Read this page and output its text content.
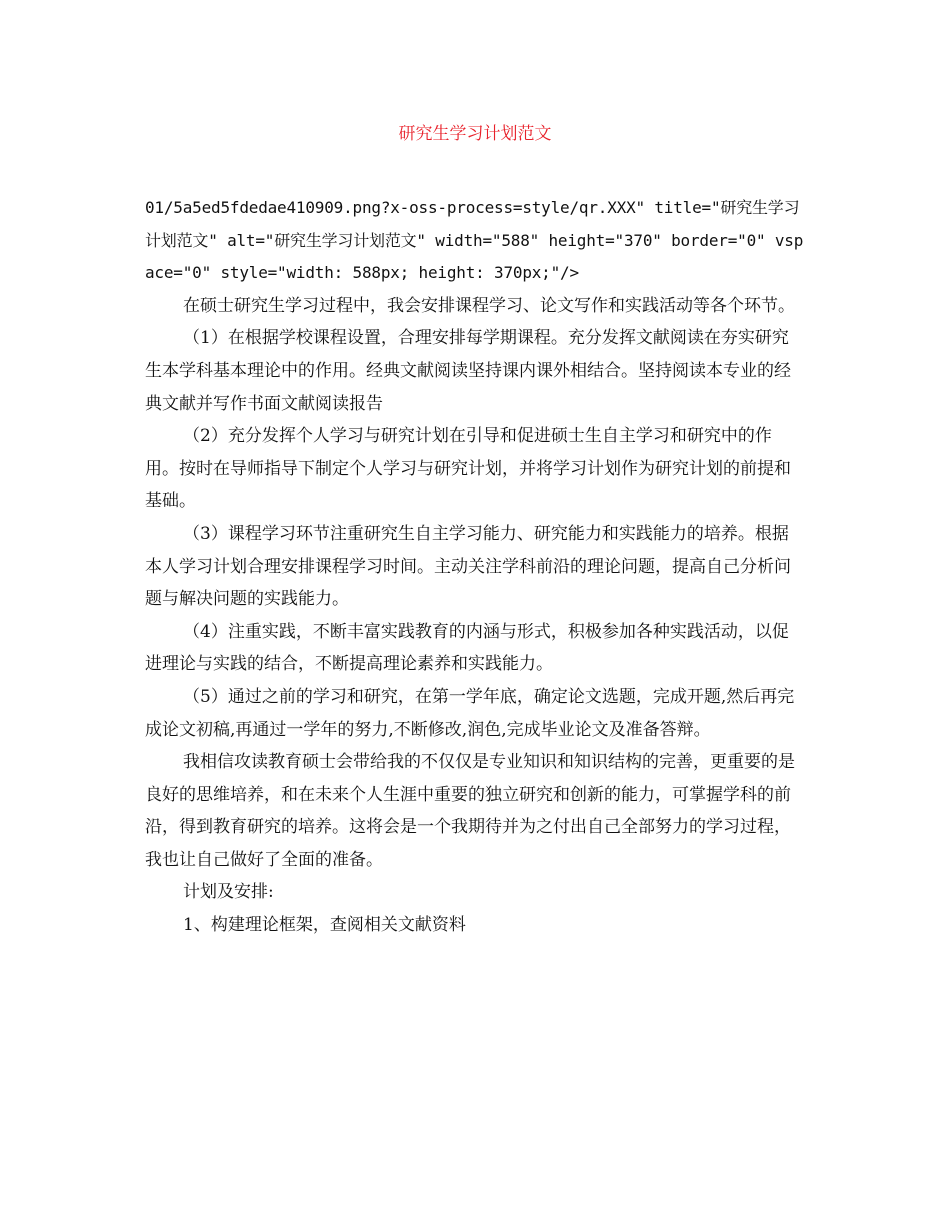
研究生学习计划范文

01/5a5ed5fdedae410909.png?x-oss-process=style/qr.XXX" title="研究生学习计划范文" alt="研究生学习计划范文" width="588" height="370" border="0" vspace="0" style="width: 588px; height: 370px;"/>

在硕士研究生学习过程中，我会安排课程学习、论文写作和实践活动等各个环节。

（1）在根据学校课程设置，合理安排每学期课程。充分发挥文献阅读在夯实研究生本学科基本理论中的作用。经典文献阅读坚持课内课外相结合。坚持阅读本专业的经典文献并写作书面文献阅读报告

（2）充分发挥个人学习与研究计划在引导和促进硕士生自主学习和研究中的作用。按时在导师指导下制定个人学习与研究计划，并将学习计划作为研究计划的前提和基础。

（3）课程学习环节注重研究生自主学习能力、研究能力和实践能力的培养。根据本人学习计划合理安排课程学习时间。主动关注学科前沿的理论问题，提高自己分析问题与解决问题的实践能力。

（4）注重实践，不断丰富实践教育的内涵与形式，积极参加各种实践活动，以促进理论与实践的结合，不断提高理论素养和实践能力。

（5）通过之前的学习和研究，在第一学年底，确定论文选题，完成开题,然后再完成论文初稿,再通过一学年的努力,不断修改,润色,完成毕业论文及准备答辩。

我相信攻读教育硕士会带给我的不仅仅是专业知识和知识结构的完善，更重要的是良好的思维培养，和在未来个人生涯中重要的独立研究和创新的能力，可掌握学科的前沿，得到教育研究的培养。这将会是一个我期待并为之付出自己全部努力的学习过程，我也让自己做好了全面的准备。

计划及安排:

1、构建理论框架，查阅相关文献资料
